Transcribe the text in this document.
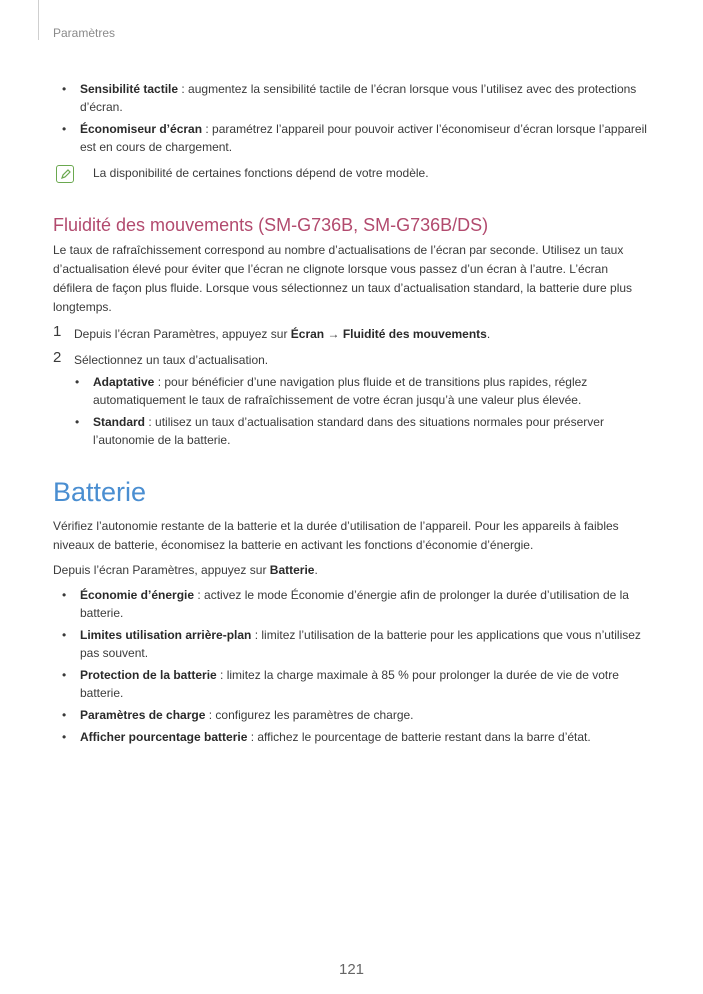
Paramètres
• Sensibilité tactile : augmentez la sensibilité tactile de l’écran lorsque vous l’utilisez avec des protections d’écran.
• Économiseur d’écran : paramétrez l’appareil pour pouvoir activer l’économiseur d’écran lorsque l’appareil est en cours de chargement.
La disponibilité de certaines fonctions dépend de votre modèle.
Fluidité des mouvements (SM-G736B, SM-G736B/DS)

Le taux de rafraîchissement correspond au nombre d’actualisations de l’écran par seconde. Utilisez un taux d’actualisation élevé pour éviter que l’écran ne clignote lorsque vous passez d’un écran à l’autre. L’écran défilera de façon plus fluide. Lorsque vous sélectionnez un taux d’actualisation standard, la batterie dure plus longtemps.

1 Depuis l’écran Paramètres, appuyez sur Écran → Fluidité des mouvements.
2 Sélectionnez un taux d’actualisation.
• Adaptative : pour bénéficier d’une navigation plus fluide et de transitions plus rapides, réglez automatiquement le taux de rafraîchissement de votre écran jusqu’à une valeur plus élevée.
• Standard : utilisez un taux d’actualisation standard dans des situations normales pour préserver l’autonomie de la batterie.
Batterie

Vérifiez l’autonomie restante de la batterie et la durée d’utilisation de l’appareil. Pour les appareils à faibles niveaux de batterie, économisez la batterie en activant les fonctions d’économie d’énergie.

Depuis l’écran Paramètres, appuyez sur Batterie.

• Économie d’énergie : activez le mode Économie d’énergie afin de prolonger la durée d’utilisation de la batterie.
• Limites utilisation arrière-plan : limitez l’utilisation de la batterie pour les applications que vous n’utilisez pas souvent.
• Protection de la batterie : limitez la charge maximale à 85 % pour prolonger la durée de vie de votre batterie.
• Paramètres de charge : configurez les paramètres de charge.
• Afficher pourcentage batterie : affichez le pourcentage de batterie restant dans la barre d’état.
121
